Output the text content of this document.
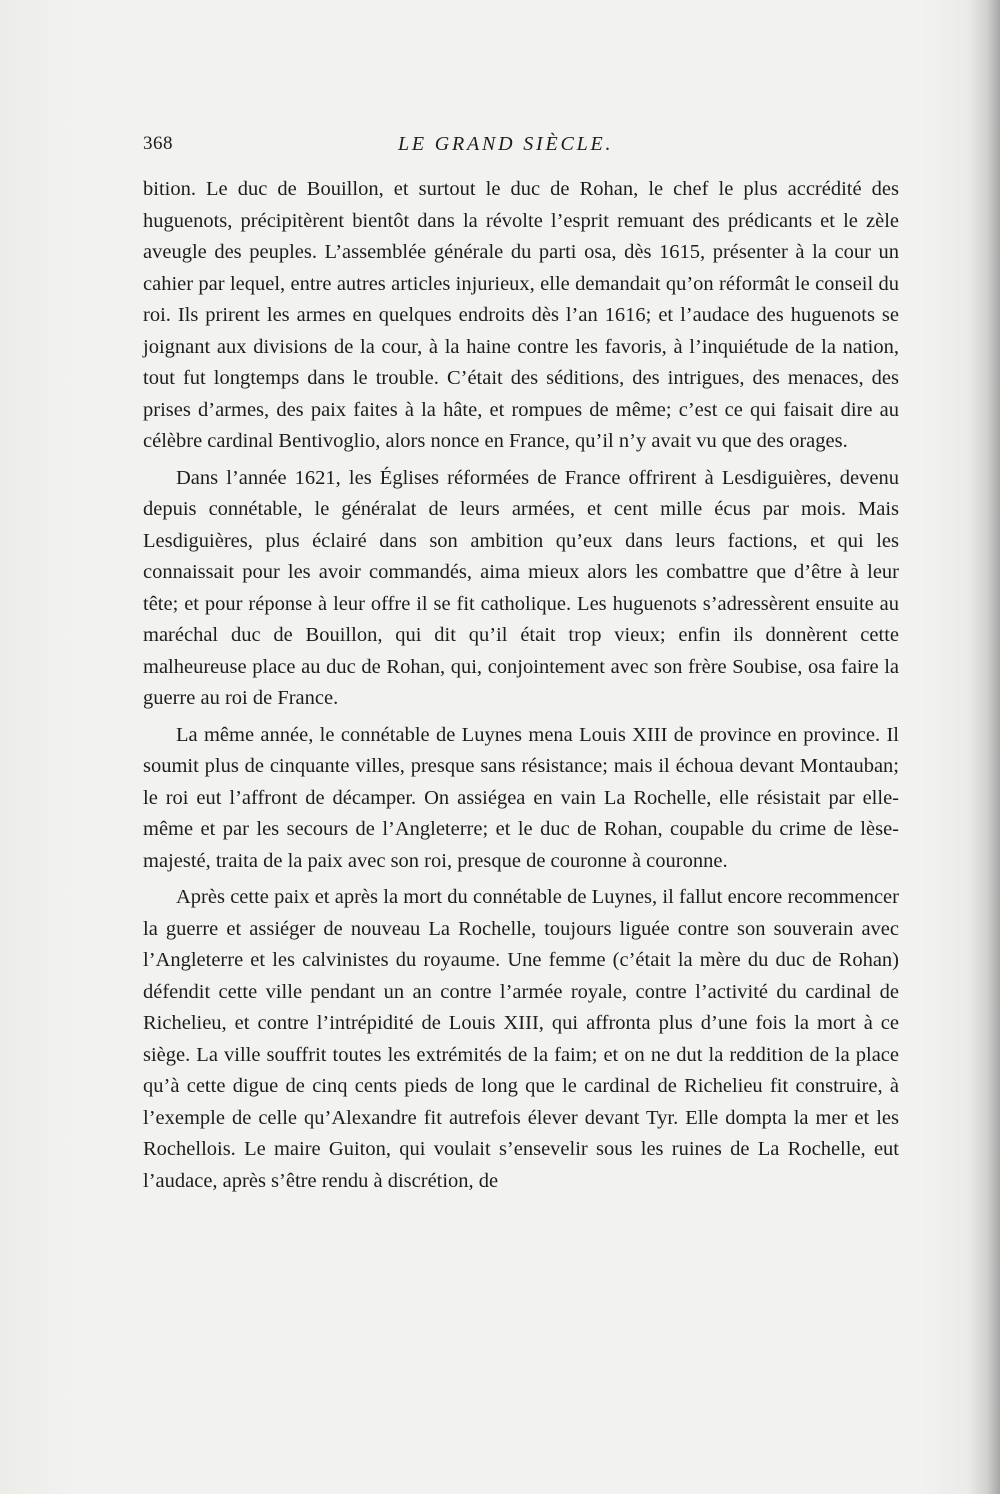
368	LE GRAND SIÈCLE.

bition. Le duc de Bouillon, et surtout le duc de Rohan, le chef le plus accrédité des huguenots, précipitèrent bientôt dans la révolte l’esprit remuant des prédicants et le zèle aveugle des peuples. L’assemblée générale du parti osa, dès 1615, présenter à la cour un cahier par lequel, entre autres articles injurieux, elle demandait qu’on réformât le conseil du roi. Ils prirent les armes en quelques endroits dès l’an 1616; et l’audace des huguenots se joignant aux divisions de la cour, à la haine contre les favoris, à l’inquiétude de la nation, tout fut longtemps dans le trouble. C’était des séditions, des intrigues, des menaces, des prises d’armes, des paix faites à la hâte, et rompues de même; c’est ce qui faisait dire au célèbre cardinal Bentivoglio, alors nonce en France, qu’il n’y avait vu que des orages.

Dans l’année 1621, les Églises réformées de France offrirent à Lesdiguières, devenu depuis connétable, le généralat de leurs armées, et cent mille écus par mois. Mais Lesdiguières, plus éclairé dans son ambition qu’eux dans leurs factions, et qui les connaissait pour les avoir commandés, aima mieux alors les combattre que d’être à leur tête; et pour réponse à leur offre il se fit catholique. Les huguenots s’adressèrent ensuite au maréchal duc de Bouillon, qui dit qu’il était trop vieux; enfin ils donnèrent cette malheureuse place au duc de Rohan, qui, conjointement avec son frère Soubise, osa faire la guerre au roi de France.

La même année, le connétable de Luynes mena Louis XIII de province en province. Il soumit plus de cinquante villes, presque sans résistance; mais il échoua devant Montauban; le roi eut l’affront de décamper. On assiégea en vain La Rochelle, elle résistait par elle-même et par les secours de l’Angleterre; et le duc de Rohan, coupable du crime de lèse-majesté, traita de la paix avec son roi, presque de couronne à couronne.

Après cette paix et après la mort du connétable de Luynes, il fallut encore recommencer la guerre et assiéger de nouveau La Rochelle, toujours liguée contre son souverain avec l’Angleterre et les calvinistes du royaume. Une femme (c’était la mère du duc de Rohan) défendit cette ville pendant un an contre l’armée royale, contre l’activité du cardinal de Richelieu, et contre l’intrépidité de Louis XIII, qui affronta plus d’une fois la mort à ce siège. La ville souffrit toutes les extrémités de la faim; et on ne dut la reddition de la place qu’à cette digue de cinq cents pieds de long que le cardinal de Richelieu fit construire, à l’exemple de celle qu’Alexandre fit autrefois élever devant Tyr. Elle dompta la mer et les Rochellois. Le maire Guiton, qui voulait s’ensevelir sous les ruines de La Rochelle, eut l’audace, après s’être rendu à discrétion, de
